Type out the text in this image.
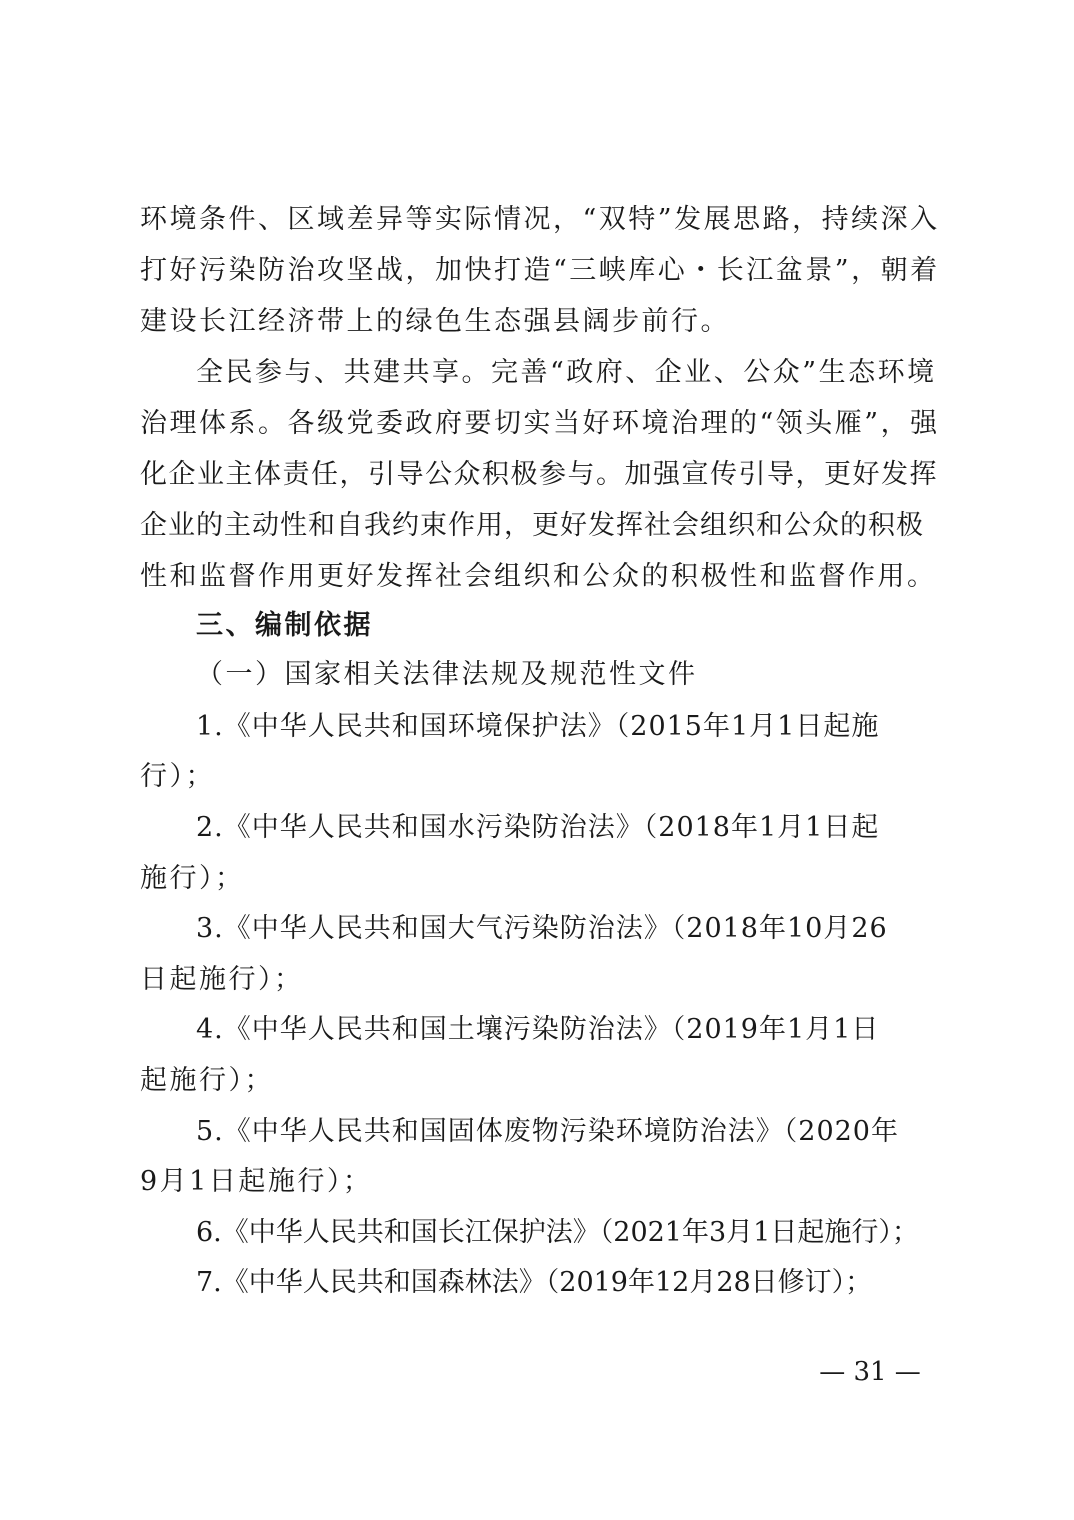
环境条件、区域差异等实际情况，“双特”发展思路，持续深入
打好污染防治攻坚战，加快打造“三峡库心・长江盆景”，朝着
建设长江经济带上的绿色生态强县阔步前行。
全民参与、共建共享。完善“政府、企业、公众”生态环境
治理体系。各级党委政府要切实当好环境治理的“领头雁”，强
化企业主体责任，引导公众积极参与。加强宣传引导，更好发挥
企业的主动性和自我约束作用，更好发挥社会组织和公众的积极
性和监督作用更好发挥社会组织和公众的积极性和监督作用。
三、编制依据
（一）国家相关法律法规及规范性文件
1.《中华人民共和国环境保护法》（2015年1月1日起施
行）；
2.《中华人民共和国水污染防治法》（2018年1月1日起
施行）；
3.《中华人民共和国大气污染防治法》（2018年10月26
日起施行）；
4.《中华人民共和国土壤污染防治法》（2019年1月1日
起施行）；
5.《中华人民共和国固体废物污染环境防治法》（2020年
9月1日起施行）；
6.《中华人民共和国长江保护法》（2021年3月1日起施行）；
7.《中华人民共和国森林法》（2019年12月28日修订）；
— 31 —
